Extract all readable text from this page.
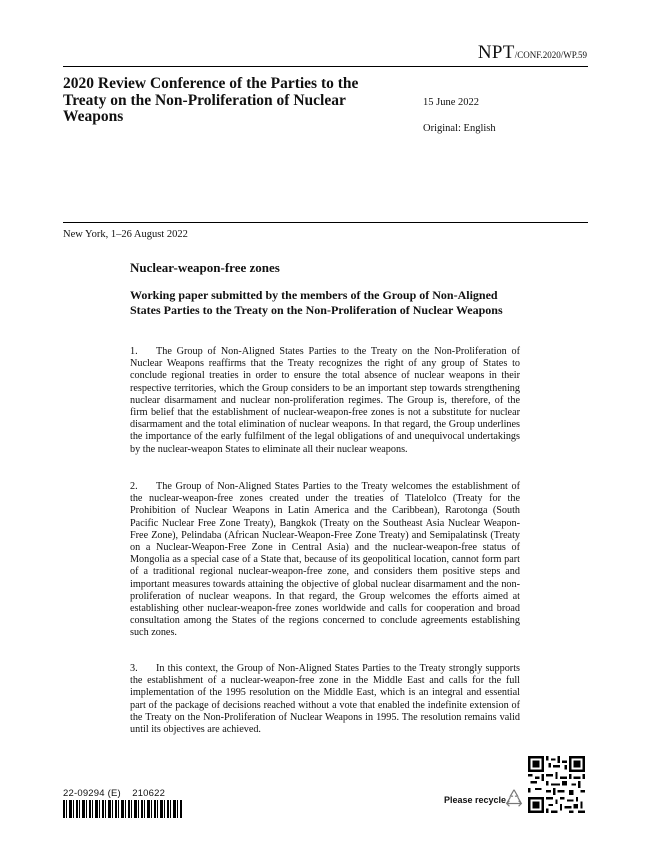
NPT/CONF.2020/WP.59
2020 Review Conference of the Parties to the Treaty on the Non-Proliferation of Nuclear Weapons
15 June 2022
Original: English
New York, 1–26 August 2022
Nuclear-weapon-free zones
Working paper submitted by the members of the Group of Non-Aligned States Parties to the Treaty on the Non-Proliferation of Nuclear Weapons
1. The Group of Non-Aligned States Parties to the Treaty on the Non-Proliferation of Nuclear Weapons reaffirms that the Treaty recognizes the right of any group of States to conclude regional treaties in order to ensure the total absence of nuclear weapons in their respective territories, which the Group considers to be an important step towards strengthening nuclear disarmament and nuclear non-proliferation regimes. The Group is, therefore, of the firm belief that the establishment of nuclear-weapon-free zones is not a substitute for nuclear disarmament and the total elimination of nuclear weapons. In that regard, the Group underlines the importance of the early fulfilment of the legal obligations of and unequivocal undertakings by the nuclear-weapon States to eliminate all their nuclear weapons.
2. The Group of Non-Aligned States Parties to the Treaty welcomes the establishment of the nuclear-weapon-free zones created under the treaties of Tlatelolco (Treaty for the Prohibition of Nuclear Weapons in Latin America and the Caribbean), Rarotonga (South Pacific Nuclear Free Zone Treaty), Bangkok (Treaty on the Southeast Asia Nuclear Weapon-Free Zone), Pelindaba (African Nuclear-Weapon-Free Zone Treaty) and Semipalatinsk (Treaty on a Nuclear-Weapon-Free Zone in Central Asia) and the nuclear-weapon-free status of Mongolia as a special case of a State that, because of its geopolitical location, cannot form part of a traditional regional nuclear-weapon-free zone, and considers them positive steps and important measures towards attaining the objective of global nuclear disarmament and the non-proliferation of nuclear weapons. In that regard, the Group welcomes the efforts aimed at establishing other nuclear-weapon-free zones worldwide and calls for cooperation and broad consultation among the States of the regions concerned to conclude agreements establishing such zones.
3. In this context, the Group of Non-Aligned States Parties to the Treaty strongly supports the establishment of a nuclear-weapon-free zone in the Middle East and calls for the full implementation of the 1995 resolution on the Middle East, which is an integral and essential part of the package of decisions reached without a vote that enabled the indefinite extension of the Treaty on the Non-Proliferation of Nuclear Weapons in 1995. The resolution remains valid until its objectives are achieved.
22-09294 (E)    210622
Please recycle
